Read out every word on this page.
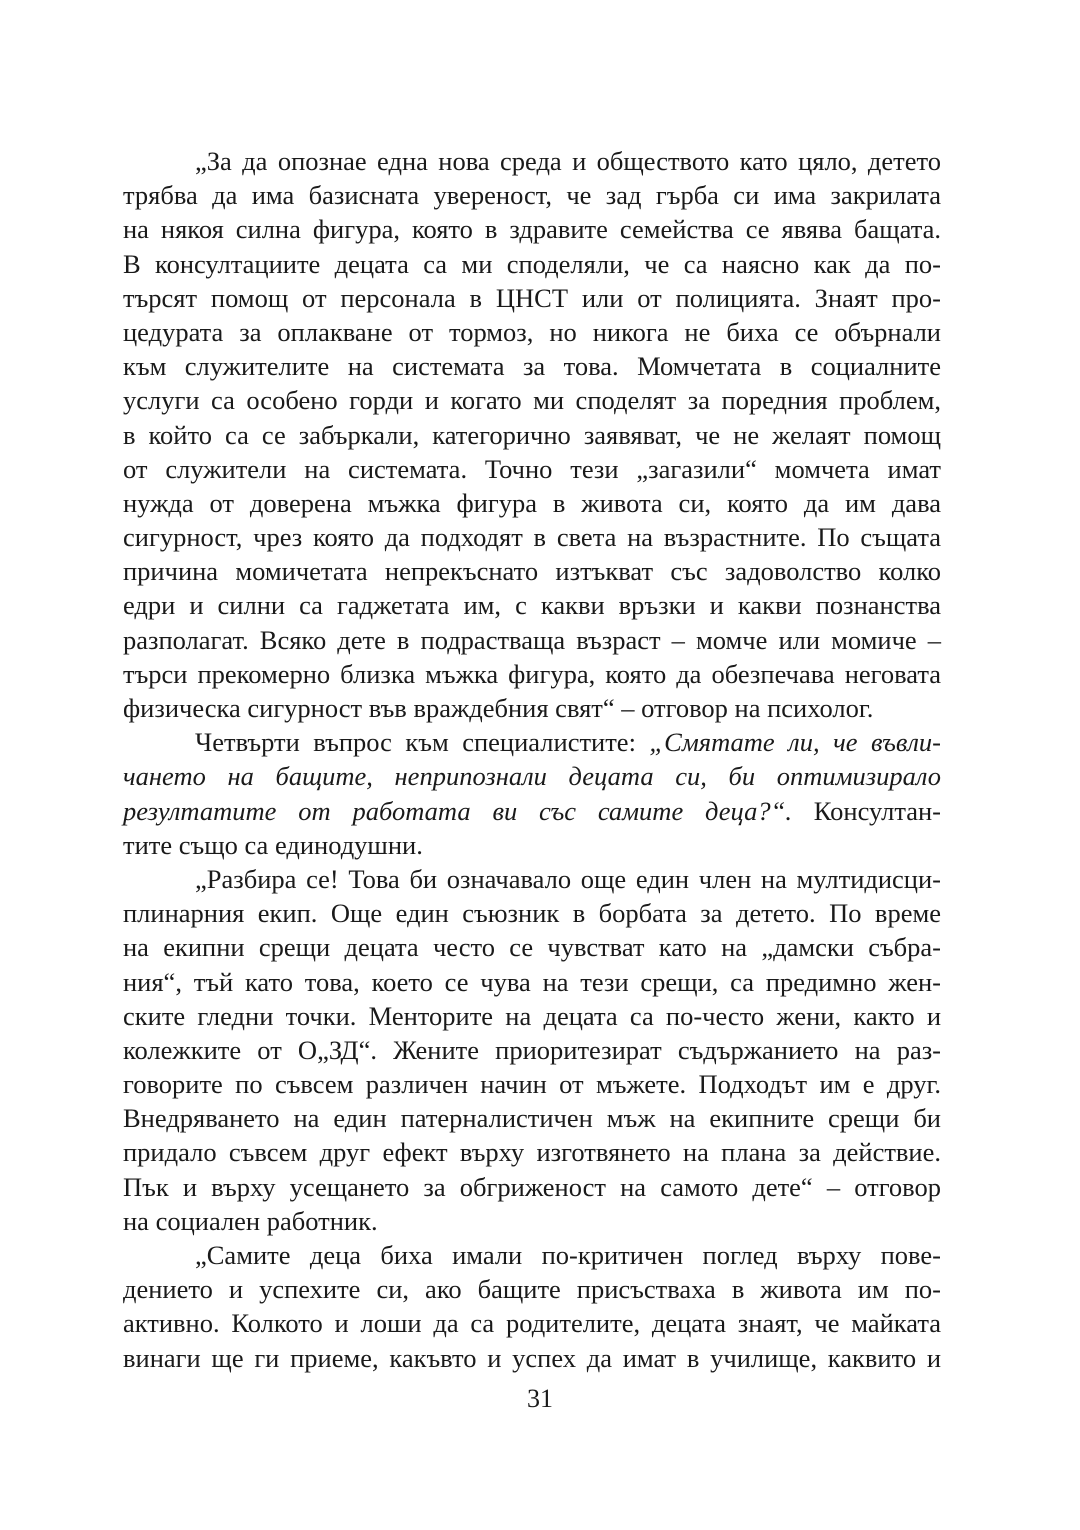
„За да опознае една нова среда и обществото като цяло, детето
трябва да има базисната увереност, че зад гърба си има закрилата
на някоя силна фигура, която в здравите семейства се явява бащата.
В консултациите децата са ми споделяли, че са наясно как да по-
търсят помощ от персонала в ЦНСТ или от полицията. Знаят про-
цедурата за оплакване от тормоз, но никога не биха се обърнали
към служителите на системата за това. Момчетата в социалните
услуги са особено горди и когато ми споделят за поредния проблем,
в който са се забъркали, категорично заявяват, че не желаят помощ
от служители на системата. Точно тези „загазили“ момчета имат
нужда от доверена мъжка фигура в живота си, която да им дава
сигурност, чрез която да подходят в света на възрастните. По същата
причина момичетата непрекъснато изтъкват със задоволство колко
едри и силни са гаджетата им, с какви връзки и какви познанства
разполагат. Всяко дете в подрастваща възраст – момче или момиче –
търси прекомерно близка мъжка фигура, която да обезпечава неговата
физическа сигурност във враждебния свят“ – отговор на психолог.
Четвърти въпрос към специалистите: „Смятате ли, че въвли-
чането на бащите, неприпознали децата си, би оптимизирало
резултатите от работата ви със самите деца?“. Консултан-
тите също са единодушни.
„Разбира се! Това би означавало още един член на мултидисци-
плинарния екип. Още един съюзник в борбата за детето. По време
на екипни срещи децата често се чувстват като на „дамски събра-
ния“, тъй като това, което се чува на тези срещи, са предимно жен-
ските гледни точки. Менторите на децата са по-често жени, както и
колежките от О„ЗД“. Жените приоритезират съдържанието на раз-
говорите по съвсем различен начин от мъжете. Подходът им е друг.
Внедряването на един патерналистичен мъж на екипните срещи би
придало съвсем друг ефект върху изготвянето на плана за действие.
Пък и върху усещането за обгриженост на самото дете“ – отговор
на социален работник.
„Самите деца биха имали по-критичен поглед върху пове-
дението и успехите си, ако бащите присъстваха в живота им по-
активно. Колкото и лоши да са родителите, децата знаят, че майката
винаги ще ги приеме, какъвто и успех да имат в училище, каквито и
31
